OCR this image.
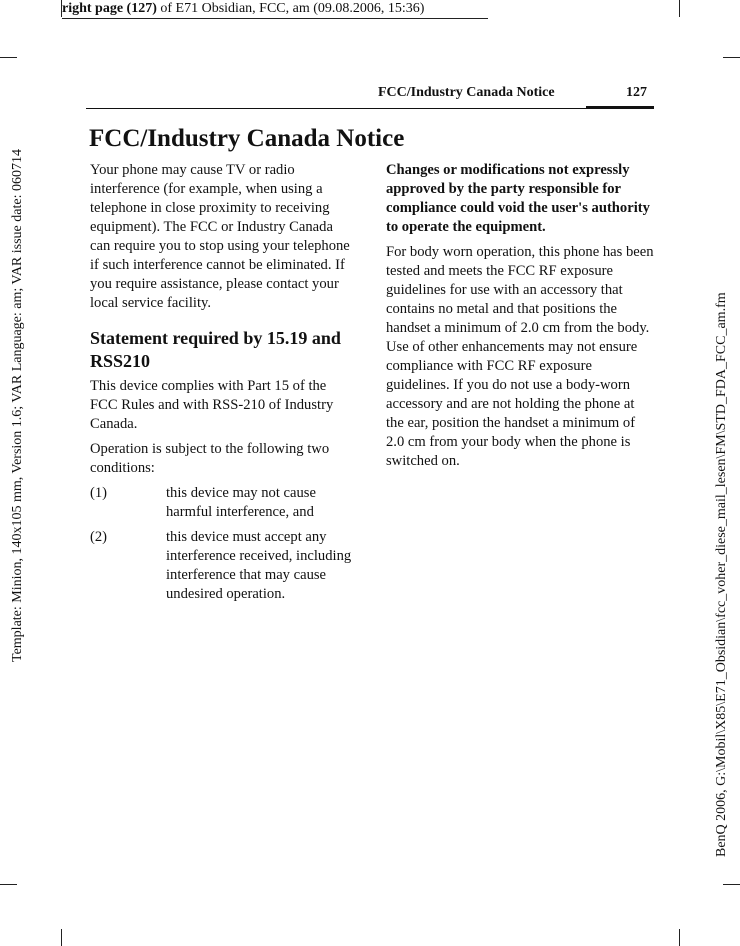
right page (127) of E71 Obsidian, FCC, am (09.08.2006, 15:36)
Template: Minion, 140x105 mm, Version 1.6; VAR Language: am; VAR issue date: 060714	BenQ 2006, G:\Mobil\X85\E71_Obsidian\fcc_voher_diese_mail_lesen\FM\STD_FDA_FCC_am.fm
FCC/Industry Canada Notice	127
FCC/Industry Canada Notice

Your phone may cause TV or radio interference (for example, when using a telephone in close proximity to receiving equipment). The FCC or Industry Canada can require you to stop using your telephone if such interference cannot be eliminated. If you require assistance, please contact your local service facility.

Statement required by 15.19 and RSS210

This device complies with Part 15 of the FCC Rules and with RSS-210 of Industry Canada.

Operation is subject to the following two conditions:

(1)	this device may not cause harmful interference, and
(2)	this device must accept any interference received, including interference that may cause undesired operation.

Changes or modifications not expressly approved by the party responsible for compliance could void the user's authority to operate the equipment.

For body worn operation, this phone has been tested and meets the FCC RF exposure guidelines for use with an accessory that contains no metal and that positions the handset a minimum of 2.0 cm from the body. Use of other enhancements may not ensure compliance with FCC RF exposure guidelines. If you do not use a body-worn accessory and are not holding the phone at the ear, position the handset a minimum of 2.0 cm from your body when the phone is switched on.
